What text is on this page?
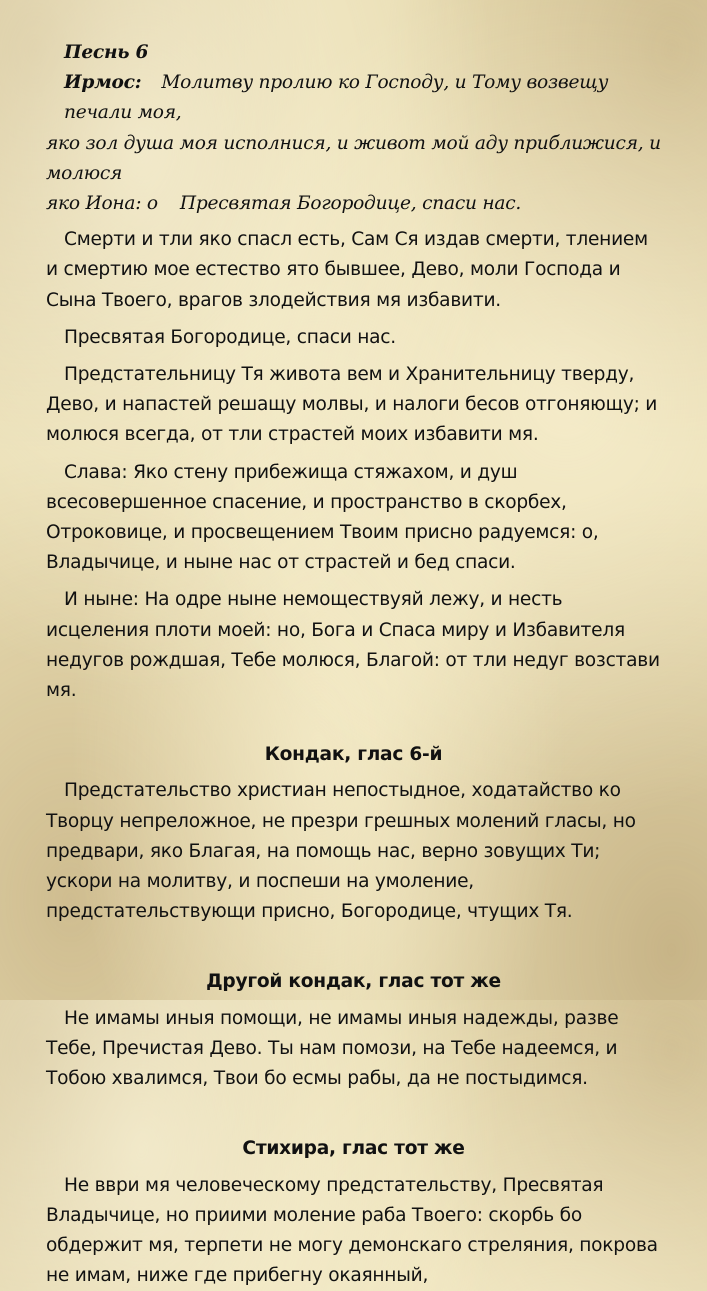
Песнь 6
Ирмос: Молитву пролию ко Господу, и Тому возвещу печали моя,
яко зол душа моя исполнися, и живот мой аду приближися, и молюся
яко Иона: о Пресвятая Богородице, спаси нас.

Смерти и тли яко спасл есть, Сам Ся издав смерти, тлением и смертию мое естество ято бывшее, Дево, моли Господа и Сына Твоего, врагов злодействия мя избавити.

Пресвятая Богородице, спаси нас.

Предстательницу Тя живота вем и Хранительницу тверду, Дево, и напастей решащу молвы, и налоги бесов отгоняющу; и молюся всегда, от тли страстей моих избавити мя.

Слава: Яко стену прибежища стяжахом, и душ всесовершенное спасение, и пространство в скорбех, Отроковице, и просвещением Твоим присно радуемся: о, Владычице, и ныне нас от страстей и бед спаси.

И ныне: На одре ныне немоществуяй лежу, и несть исцеления плоти моей: но, Бога и Спаса миру и Избавителя недугов рождшая, Тебе молюся, Благой: от тли недуг возстави мя.

Кондак, глас 6-й

Предстательство христиан непостыдное, ходатайство ко Творцу непреложное, не презри грешных молений гласы, но предвари, яко Благая, на помощь нас, верно зовущих Ти; ускори на молитву, и поспеши на умоление, предстательствующи присно, Богородице, чтущих Тя.

Другой кондак, глас тот же

Не имамы иныя помощи, не имамы иныя надежды, разве Тебе, Пречистая Дево. Ты нам помози, на Тебе надеемся, и Тобою хвалимся, Твои бо есмы рабы, да не постыдимся.

Стихира, глас тот же

Не вври мя человеческому предстательству, Пресвятая Владычице, но приими моление раба Твоего: скорбь бо обдержит мя, терпети не могу демонскаго стреляния, покрова не имам, ниже где прибегну окаянный,
